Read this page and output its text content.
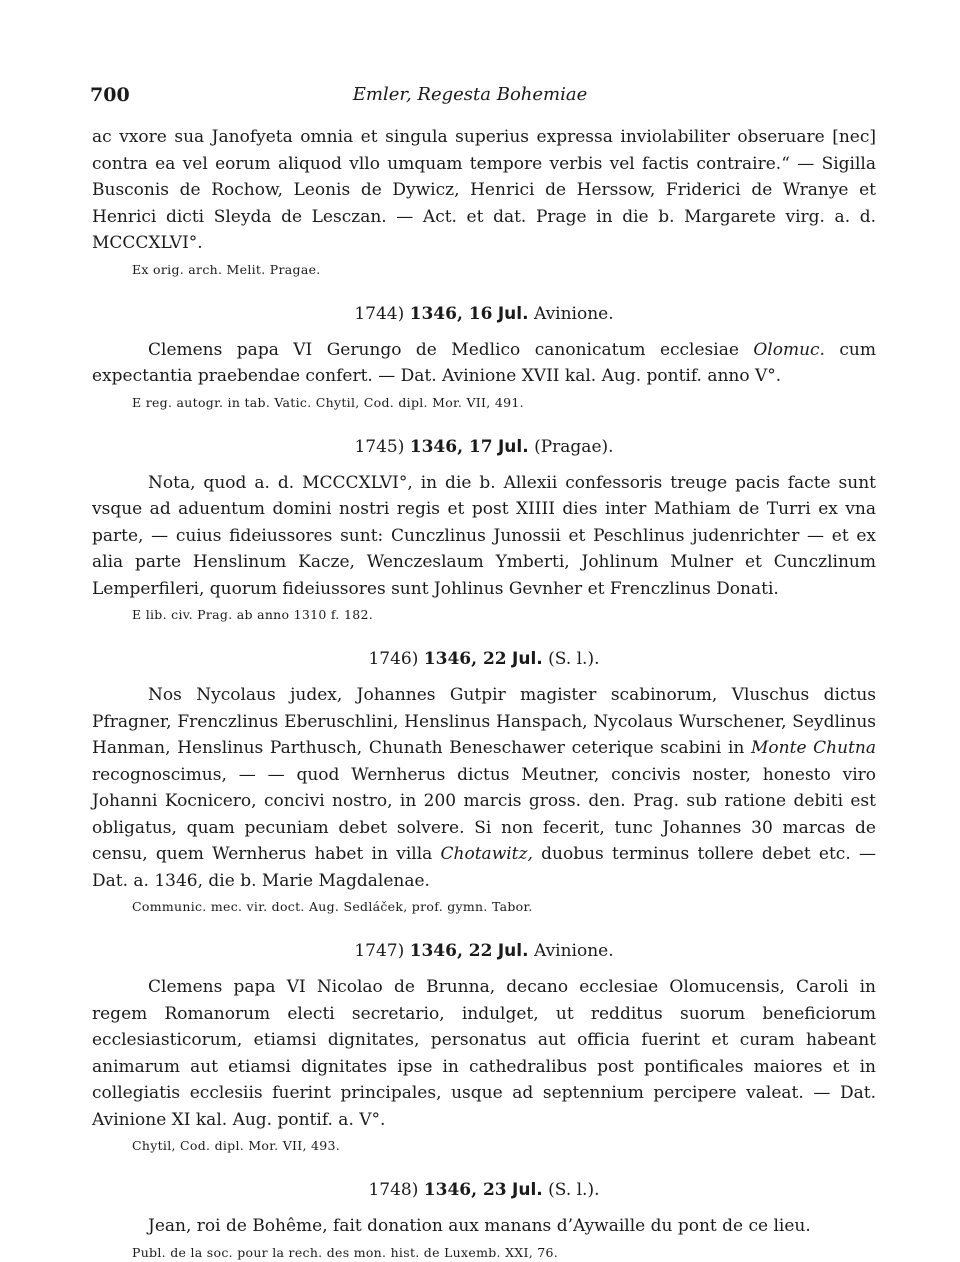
700	Emler, Regesta Bohemiae

ac vxore sua Janofyeta omnia et singula superius expressa inviolabiliter obseruare [nec] contra ea vel eorum aliquod vllo umquam tempore verbis vel factis contraire.“ — Sigilla Busconis de Rochow, Leonis de Dywicz, Henrici de Herssow, Friderici de Wranye et Henrici dicti Sleyda de Lesczan. — Act. et dat. Prage in die b. Margarete virg. a. d. MCCCXLVI°.

Ex orig. arch. Melit. Pragae.
1744) 1346, 16 Jul. Avinione.

Clemens papa VI Gerungo de Medlico canonicatum ecclesiae Olomuc. cum expectantia praebendae confert. — Dat. Avinione XVII kal. Aug. pontif. anno V°.

E reg. autogr. in tab. Vatic. Chytil, Cod. dipl. Mor. VII, 491.
1745) 1346, 17 Jul. (Pragae).

Nota, quod a. d. MCCCXLVI°, in die b. Allexii confessoris treuge pacis facte sunt vsque ad aduentum domini nostri regis et post XIIII dies inter Mathiam de Turri ex vna parte, — cuius fideiussores sunt: Cunczlinus Junossii et Peschlinus judenrichter — et ex alia parte Henslinum Kacze, Wenczeslaum Ymberti, Johlinum Mulner et Cunczlinum Lemperfileri, quorum fideiussores sunt Johlinus Gevnher et Frenczlinus Donati.

E lib. civ. Prag. ab anno 1310 f. 182.
1746) 1346, 22 Jul. (S. l.).

Nos Nycolaus judex, Johannes Gutpir magister scabinorum, Vluschus dictus Pfragner, Frenczlinus Eberuschlini, Henslinus Hanspach, Nycolaus Wurschener, Seydlinus Hanman, Henslinus Parthusch, Chunath Beneschawer ceterique scabini in Monte Chutna recognoscimus, — — quod Wernherus dictus Meutner, concivis noster, honesto viro Johanni Kocnicero, concivi nostro, in 200 marcis gross. den. Prag. sub ratione debiti est obligatus, quam pecuniam debet solvere. Si non fecerit, tunc Johannes 30 marcas de censu, quem Wernherus habet in villa Chotawitz, duobus terminus tollere debet etc. — Dat. a. 1346, die b. Marie Magdalenae.

Communic. mec. vir. doct. Aug. Sedláček, prof. gymn. Tabor.
1747) 1346, 22 Jul. Avinione.

Clemens papa VI Nicolao de Brunna, decano ecclesiae Olomucensis, Caroli in regem Romanorum electi secretario, indulget, ut redditus suorum beneficiorum ecclesiasticorum, etiamsi dignitates, personatus aut officia fuerint et curam habeant animarum aut etiamsi dignitates ipse in cathedralibus post pontificales maiores et in collegiatis ecclesiis fuerint principales, usque ad septennium percipere valeat. — Dat. Avinione XI kal. Aug. pontif. a. V°.

Chytil, Cod. dipl. Mor. VII, 493.
1748) 1346, 23 Jul. (S. l.).

Jean, roi de Bohême, fait donation aux manans d’Aywaille du pont de ce lieu.

Publ. de la soc. pour la rech. des mon. hist. de Luxemb. XXI, 76.
